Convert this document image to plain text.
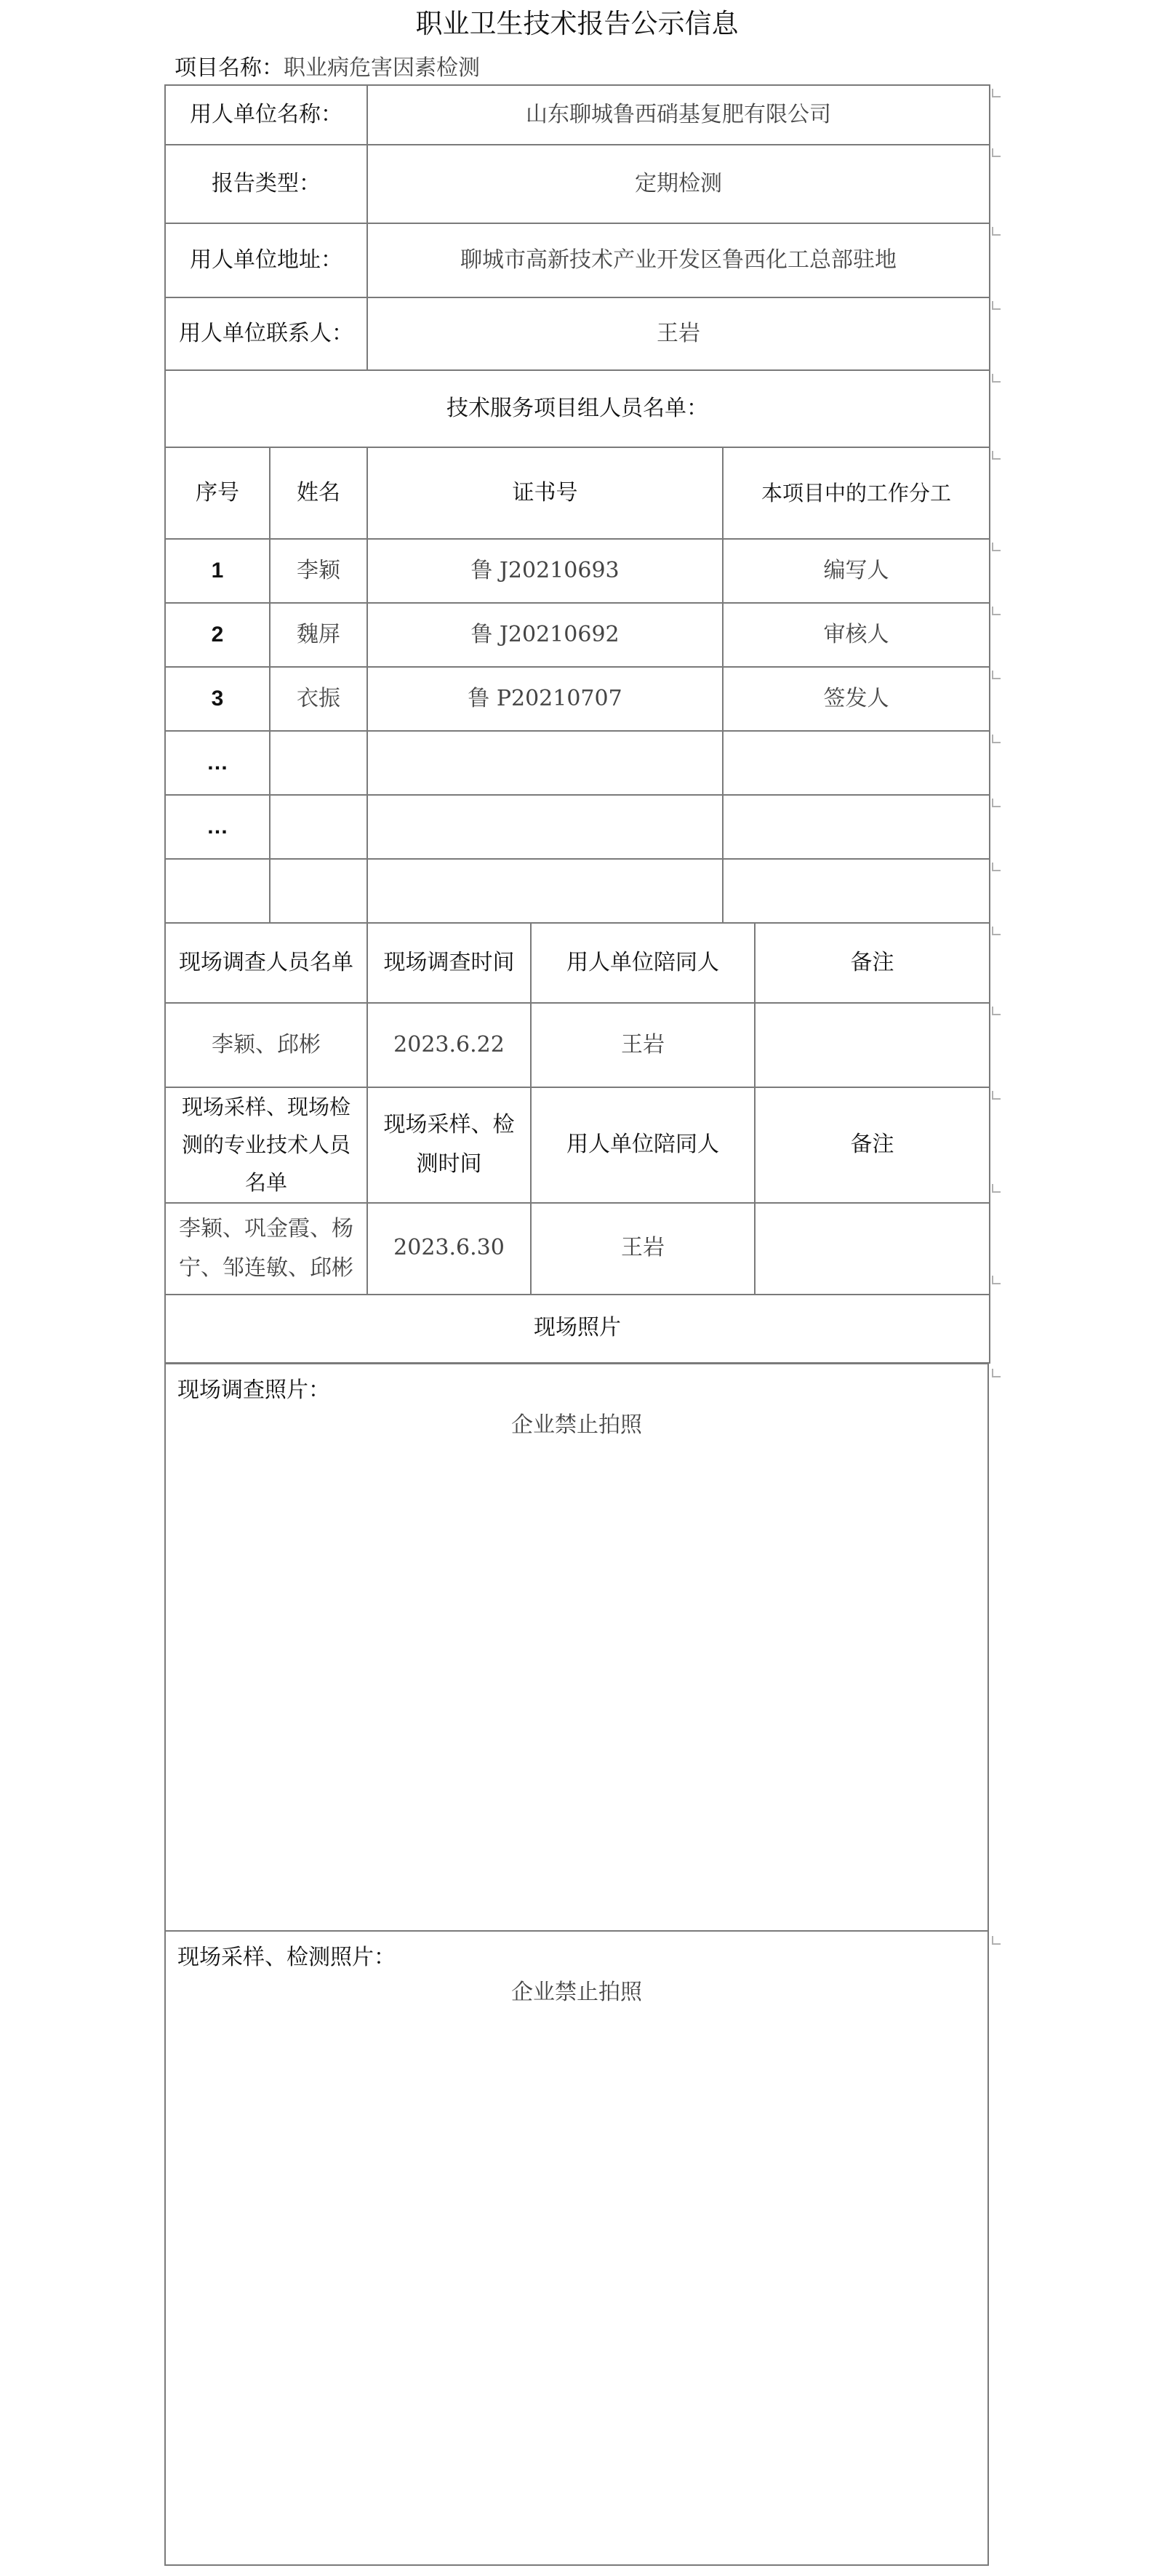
职业卫生技术报告公示信息
项目名称：职业病危害因素检测
用人单位名称：		山东聊城鲁西硝基复肥有限公司			
报告类型：		定期检测			
用人单位地址：		聊城市高新技术产业开发区鲁西化工总部驻地			
用人单位联系人：		王岩			
技术服务项目组人员名单：					
序号	姓名	证书号		本项目中的工作分工	
1	李颖	鲁 J20210693		编写人	
2	魏屏	鲁 J20210692		审核人	
3	衣振	鲁 P20210707		签发人	
…					
…					

现场调查人员名单		现场调查时间	用人单位陪同人		备注
李颖、邱彬		2023.6.22	王岩		
现场采样、现场检测的专业技术人员名单		现场采样、检测时间	用人单位陪同人		备注
李颖、巩金霞、杨宁、邹连敏、邱彬		2023.6.30	王岩		
现场照片					
现场调查照片：
企业禁止拍照
现场采样、检测照片：
企业禁止拍照
